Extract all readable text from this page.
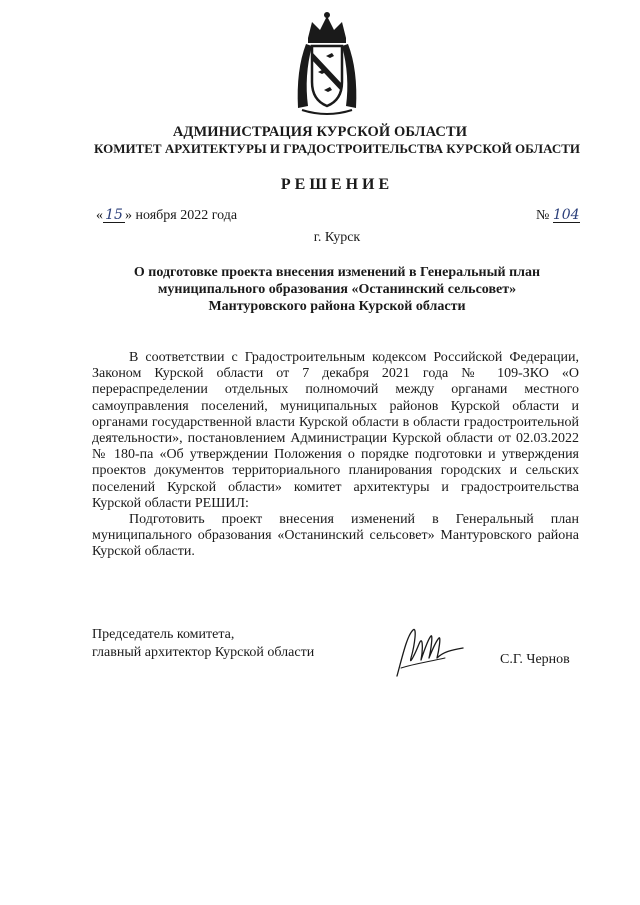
АДМИНИСТРАЦИЯ КУРСКОЙ ОБЛАСТИ
КОМИТЕТ АРХИТЕКТУРЫ И ГРАДОСТРОИТЕЛЬСТВА КУРСКОЙ ОБЛАСТИ
РЕШЕНИЕ
« 15 » ноября 2022 года	№ 104
г. Курск
О подготовке проекта внесения изменений в Генеральный план
муниципального образования «Останинский сельсовет»
Мантуровского района Курской области

В соответствии с Градостроительным кодексом Российской Федерации, Законом Курской области от 7 декабря 2021 года № 109-ЗКО «О перераспределении отдельных полномочий между органами местного самоуправления поселений, муниципальных районов Курской области и органами государственной власти Курской области в области градостроительной деятельности», постановлением Администрации Курской области от 02.03.2022 № 180-па «Об утверждении Положения о порядке подготовки и утверждения проектов документов территориального планирования городских и сельских поселений Курской области» комитет архитектуры и градостроительства Курской области РЕШИЛ:

Подготовить проект внесения изменений в Генеральный план муниципального образования «Останинский сельсовет» Мантуровского района Курской области.

Председатель комитета,
главный архитектор Курской области	С.Г. Чернов
